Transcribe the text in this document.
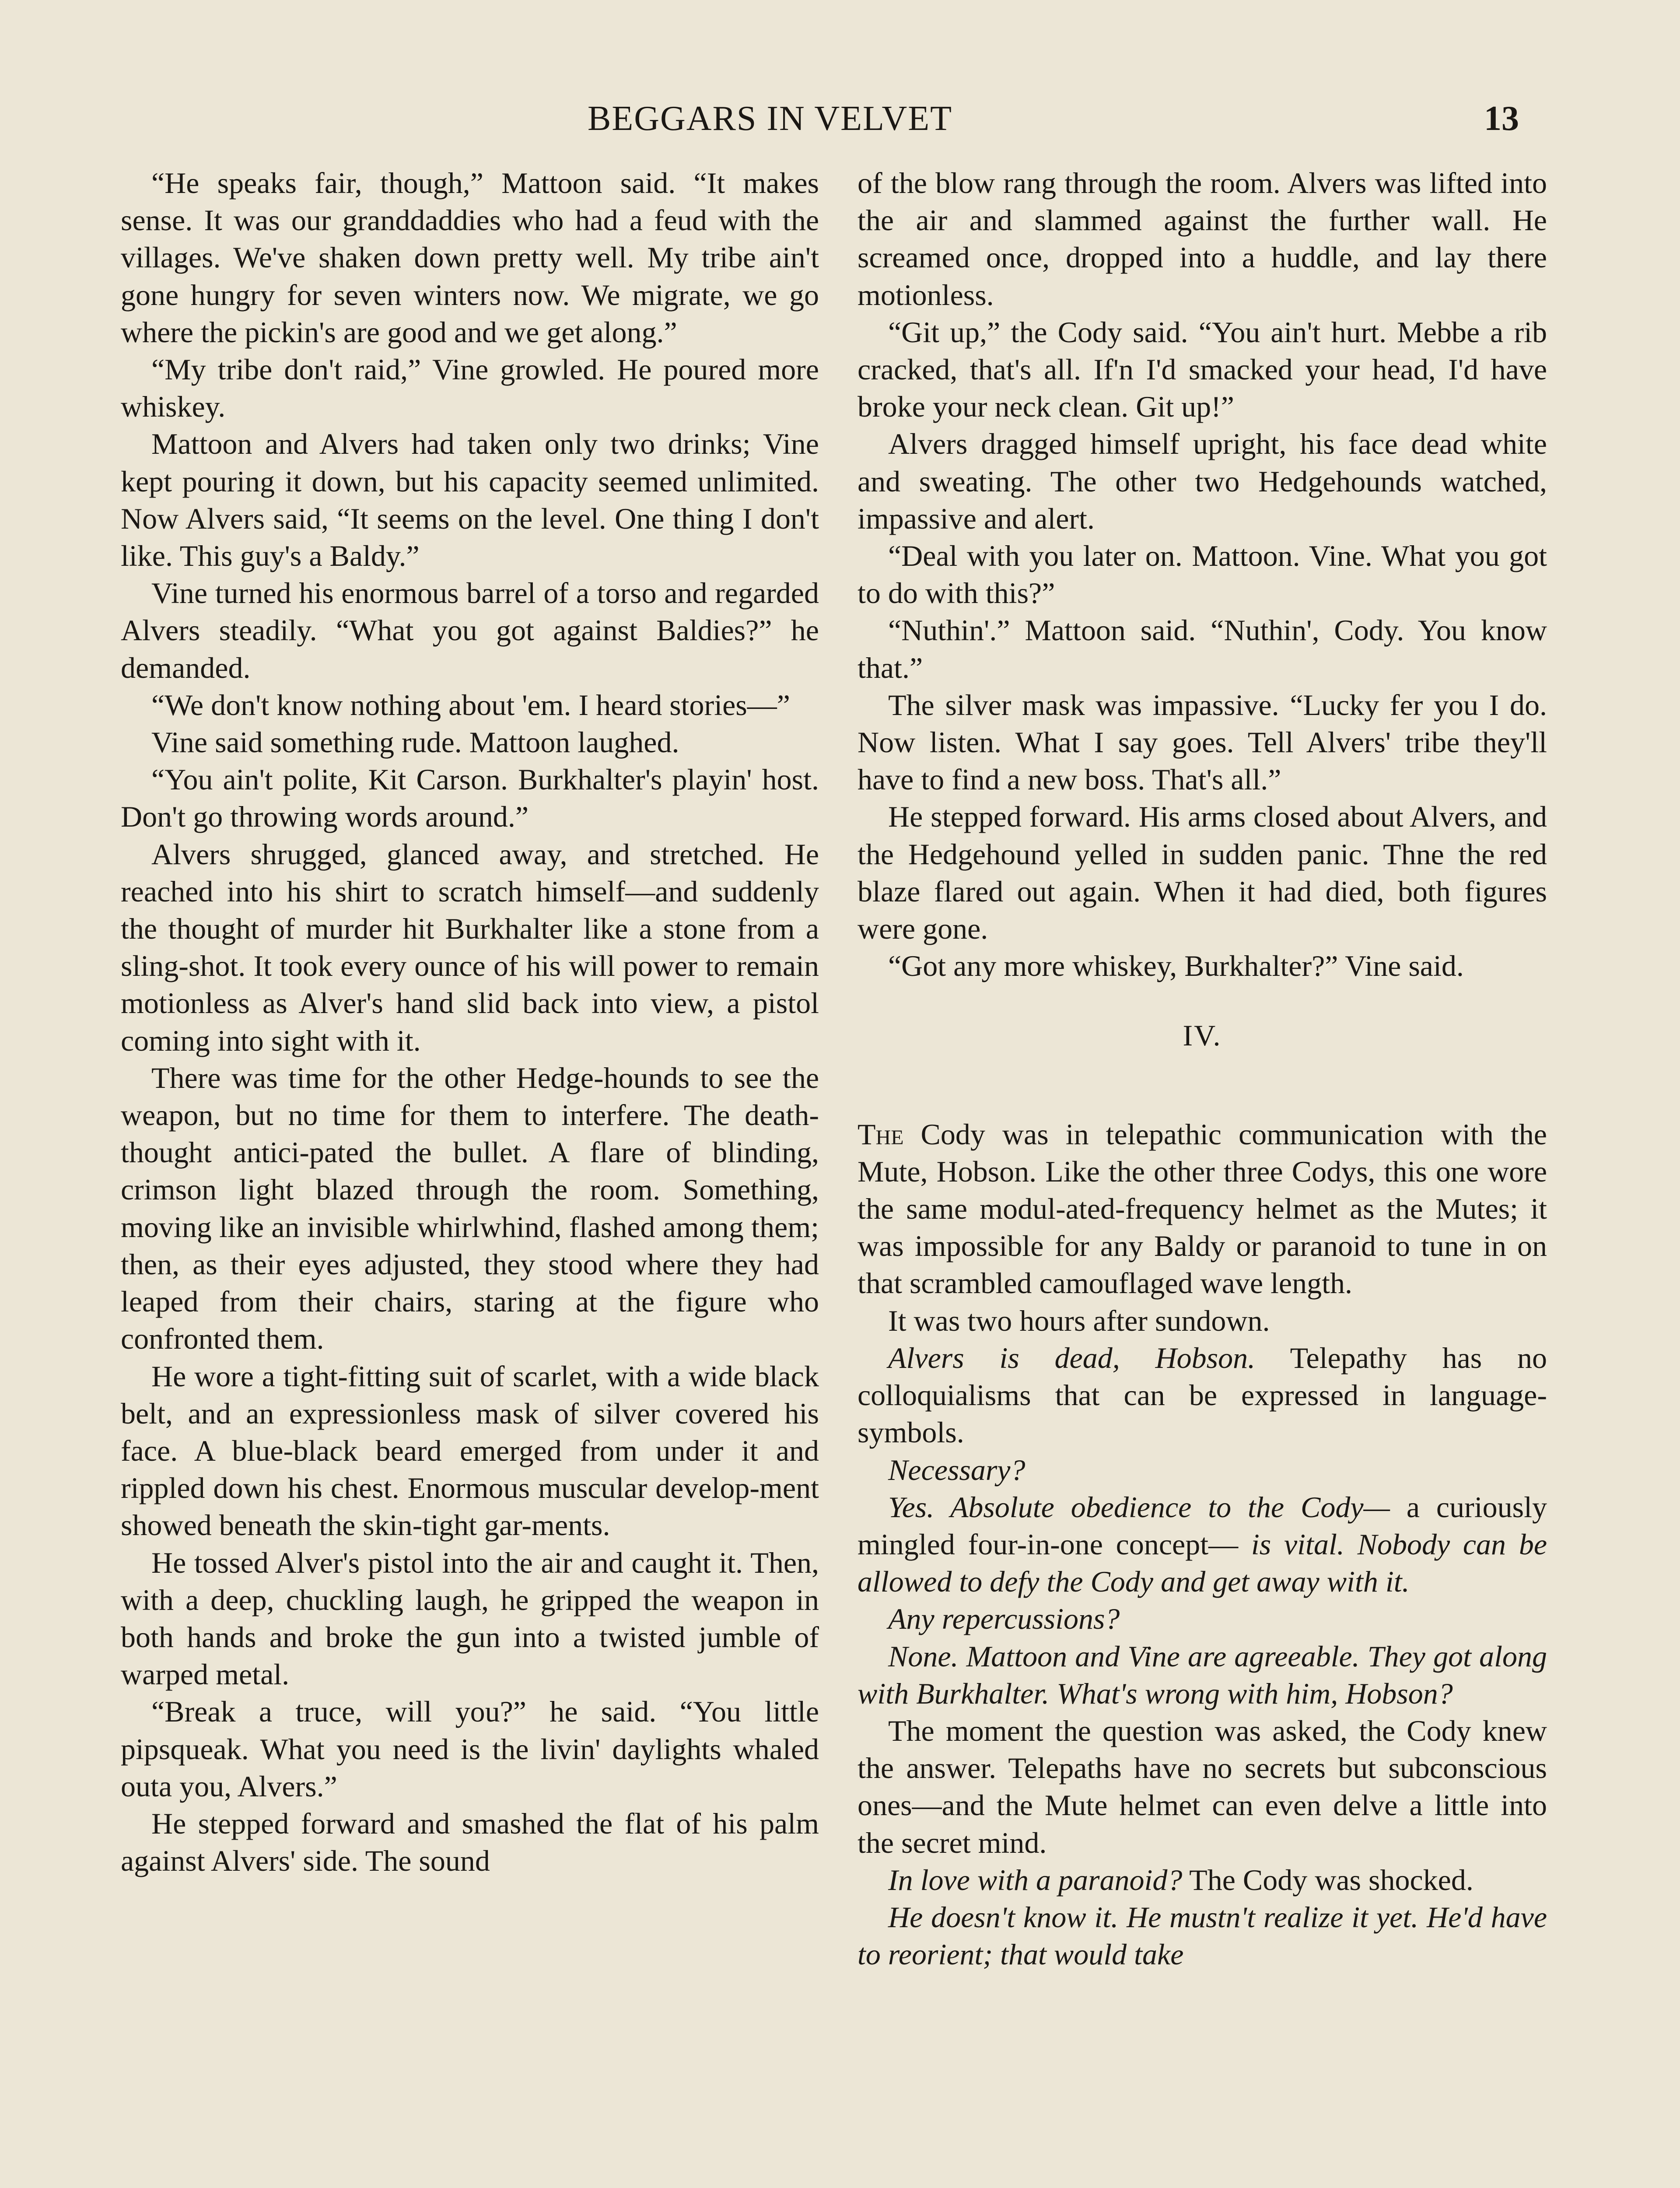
BEGGARS IN VELVET	13

“He speaks fair, though,” Mattoon said. “It makes sense. It was our granddaddies who had a feud with the villages. We've shaken down pretty well. My tribe ain't gone hungry for seven winters now. We migrate, we go where the pickin's are good and we get along.”

“My tribe don't raid,” Vine growled. He poured more whiskey.

Mattoon and Alvers had taken only two drinks; Vine kept pouring it down, but his capacity seemed unlimited. Now Alvers said, “It seems on the level. One thing I don't like. This guy's a Baldy.”

Vine turned his enormous barrel of a torso and regarded Alvers steadily. “What you got against Baldies?” he demanded.

“We don't know nothing about 'em. I heard stories—”

Vine said something rude. Mattoon laughed.

“You ain't polite, Kit Carson. Burkhalter's playin' host. Don't go throwing words around.”

Alvers shrugged, glanced away, and stretched. He reached into his shirt to scratch himself—and suddenly the thought of murder hit Burkhalter like a stone from a sling-shot. It took every ounce of his will power to remain motionless as Alver's hand slid back into view, a pistol coming into sight with it.

There was time for the other Hedge-hounds to see the weapon, but no time for them to interfere. The death-thought antici-pated the bullet. A flare of blinding, crimson light blazed through the room. Something, moving like an invisible whirlwhind, flashed among them; then, as their eyes adjusted, they stood where they had leaped from their chairs, staring at the figure who confronted them.

He wore a tight-fitting suit of scarlet, with a wide black belt, and an expressionless mask of silver covered his face. A blue-black beard emerged from under it and rippled down his chest. Enormous muscular develop-ment showed beneath the skin-tight gar-ments.

He tossed Alver's pistol into the air and caught it. Then, with a deep, chuckling laugh, he gripped the weapon in both hands and broke the gun into a twisted jumble of warped metal.

“Break a truce, will you?” he said. “You little pipsqueak. What you need is the livin' daylights whaled outa you, Alvers.”

He stepped forward and smashed the flat of his palm against Alvers' side. The sound

of the blow rang through the room. Alvers was lifted into the air and slammed against the further wall. He screamed once, dropped into a huddle, and lay there motionless.

“Git up,” the Cody said. “You ain't hurt. Mebbe a rib cracked, that's all. If'n I'd smacked your head, I'd have broke your neck clean. Git up!”

Alvers dragged himself upright, his face dead white and sweating. The other two Hedgehounds watched, impassive and alert.

“Deal with you later on. Mattoon. Vine. What you got to do with this?”

“Nuthin'.” Mattoon said. “Nuthin', Cody. You know that.”

The silver mask was impassive. “Lucky fer you I do. Now listen. What I say goes. Tell Alvers' tribe they'll have to find a new boss. That's all.”

He stepped forward. His arms closed about Alvers, and the Hedgehound yelled in sudden panic. Thne the red blaze flared out again. When it had died, both figures were gone.

“Got any more whiskey, Burkhalter?” Vine said.

IV.

The Cody was in telepathic communication with the Mute, Hobson. Like the other three Codys, this one wore the same modul-ated-frequency helmet as the Mutes; it was impossible for any Baldy or paranoid to tune in on that scrambled camouflaged wave length.

It was two hours after sundown.

Alvers is dead, Hobson. Telepathy has no colloquialisms that can be expressed in language-symbols.

Necessary?

Yes. Absolute obedience to the Cody— a curiously mingled four-in-one concept— is vital. Nobody can be allowed to defy the Cody and get away with it.

Any repercussions?

None. Mattoon and Vine are agreeable. They got along with Burkhalter. What's wrong with him, Hobson?

The moment the question was asked, the Cody knew the answer. Telepaths have no secrets but subconscious ones—and the Mute helmet can even delve a little into the secret mind.

In love with a paranoid? The Cody was shocked.

He doesn't know it. He mustn't realize it yet. He'd have to reorient; that would take
